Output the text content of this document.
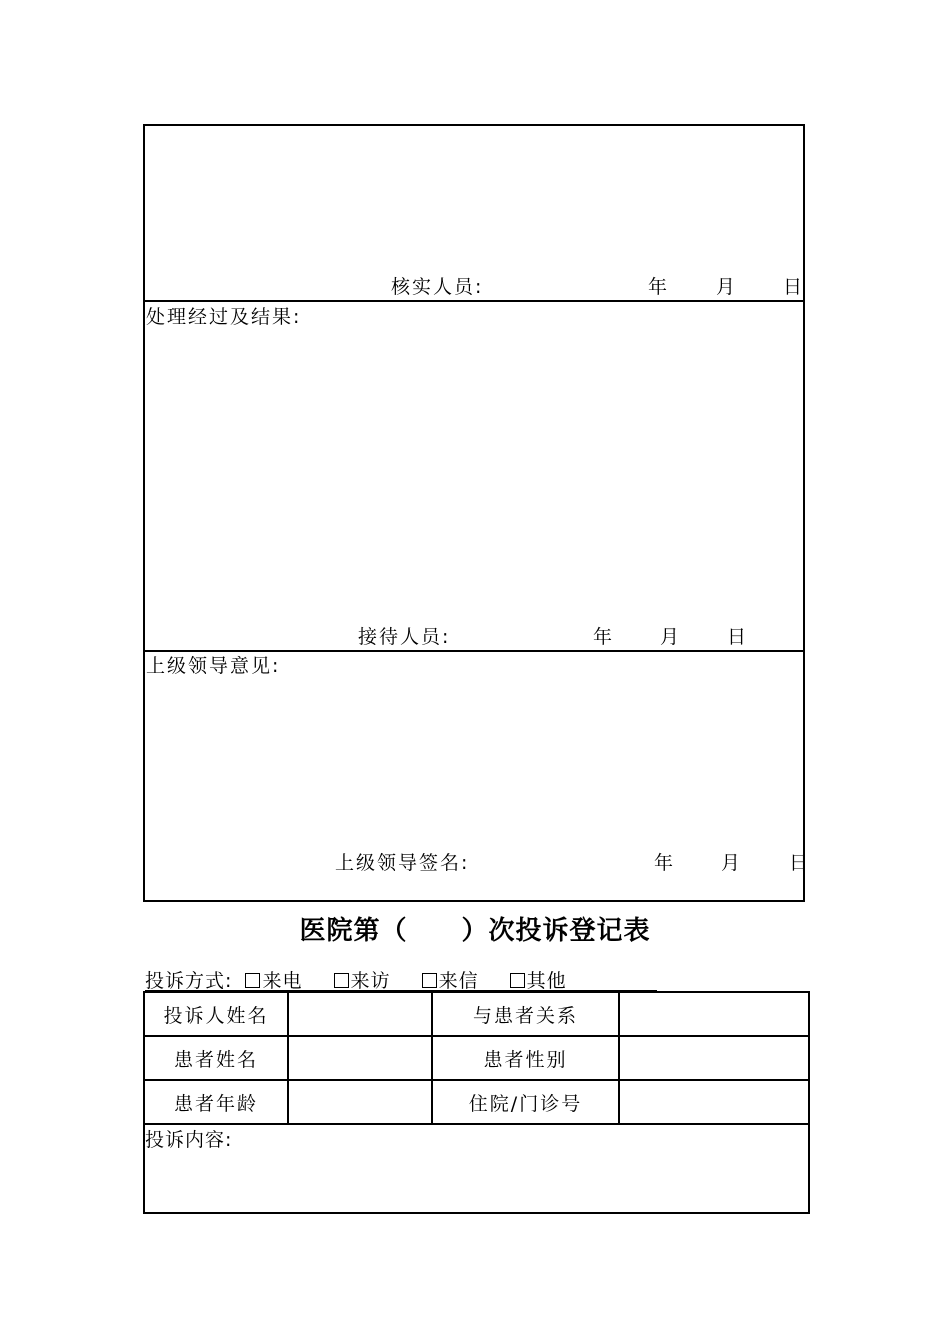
核实人员:	年 月 日
处理经过及结果:
接待人员:	年 月 日
上级领导意见:
上级领导签名:	年 月 日
医院第（　　）次投诉登记表
投诉方式: 来电	来访	来信	其他
投诉人姓名		与患者关系	
患者姓名		患者性别	
患者年龄		住院/门诊号	
投诉内容:			
